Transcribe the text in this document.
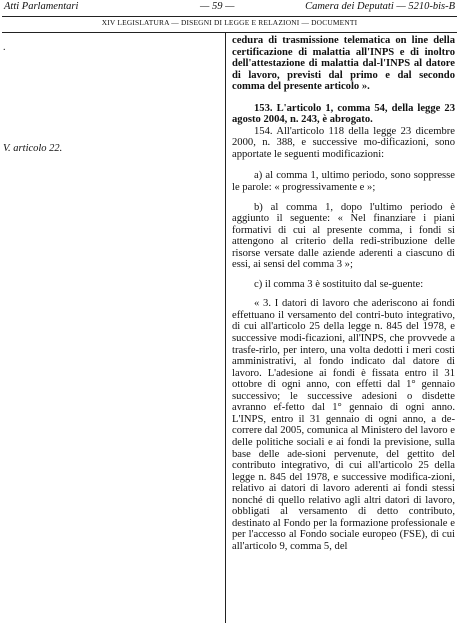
Atti Parlamentari	— 59 —	Camera dei Deputati — 5210-bis-B
XIV LEGISLATURA — DISEGNI DI LEGGE E RELAZIONI — DOCUMENTI
.
V. articolo 22.

cedura di trasmissione telematica on line della certificazione di malattia all'INPS e di inoltro dell'attestazione di malattia dal-l'INPS al datore di lavoro, previsti dal primo e dal secondo comma del presente articolo ».

153. L'articolo 1, comma 54, della legge 23 agosto 2004, n. 243, è abrogato.

154. All'articolo 118 della legge 23 dicembre 2000, n. 388, e successive mo-dificazioni, sono apportate le seguenti modificazioni:

a) al comma 1, ultimo periodo, sono soppresse le parole: « progressivamente e »;

b) al comma 1, dopo l'ultimo periodo è aggiunto il seguente: « Nel finanziare i piani formativi di cui al presente comma, i fondi si attengono al criterio della redi-stribuzione delle risorse versate dalle aziende aderenti a ciascuno di essi, ai sensi del comma 3 »;

c) il comma 3 è sostituito dal se-guente:

« 3. I datori di lavoro che aderiscono ai fondi effettuano il versamento del contri-buto integrativo, di cui all'articolo 25 della legge n. 845 del 1978, e successive modi-ficazioni, all'INPS, che provvede a trasfe-rirlo, per intero, una volta dedotti i meri costi amministrativi, al fondo indicato dal datore di lavoro. L'adesione ai fondi è fissata entro il 31 ottobre di ogni anno, con effetti dal 1° gennaio successivo; le successive adesioni o disdette avranno ef-fetto dal 1° gennaio di ogni anno. L'INPS, entro il 31 gennaio di ogni anno, a de-correre dal 2005, comunica al Ministero del lavoro e delle politiche sociali e ai fondi la previsione, sulla base delle ade-sioni pervenute, del gettito del contributo integrativo, di cui all'articolo 25 della legge n. 845 del 1978, e successive modifica-zioni, relativo ai datori di lavoro aderenti ai fondi stessi nonché di quello relativo agli altri datori di lavoro, obbligati al versamento di detto contributo, destinato al Fondo per la formazione professionale e per l'accesso al Fondo sociale europeo (FSE), di cui all'articolo 9, comma 5, del
